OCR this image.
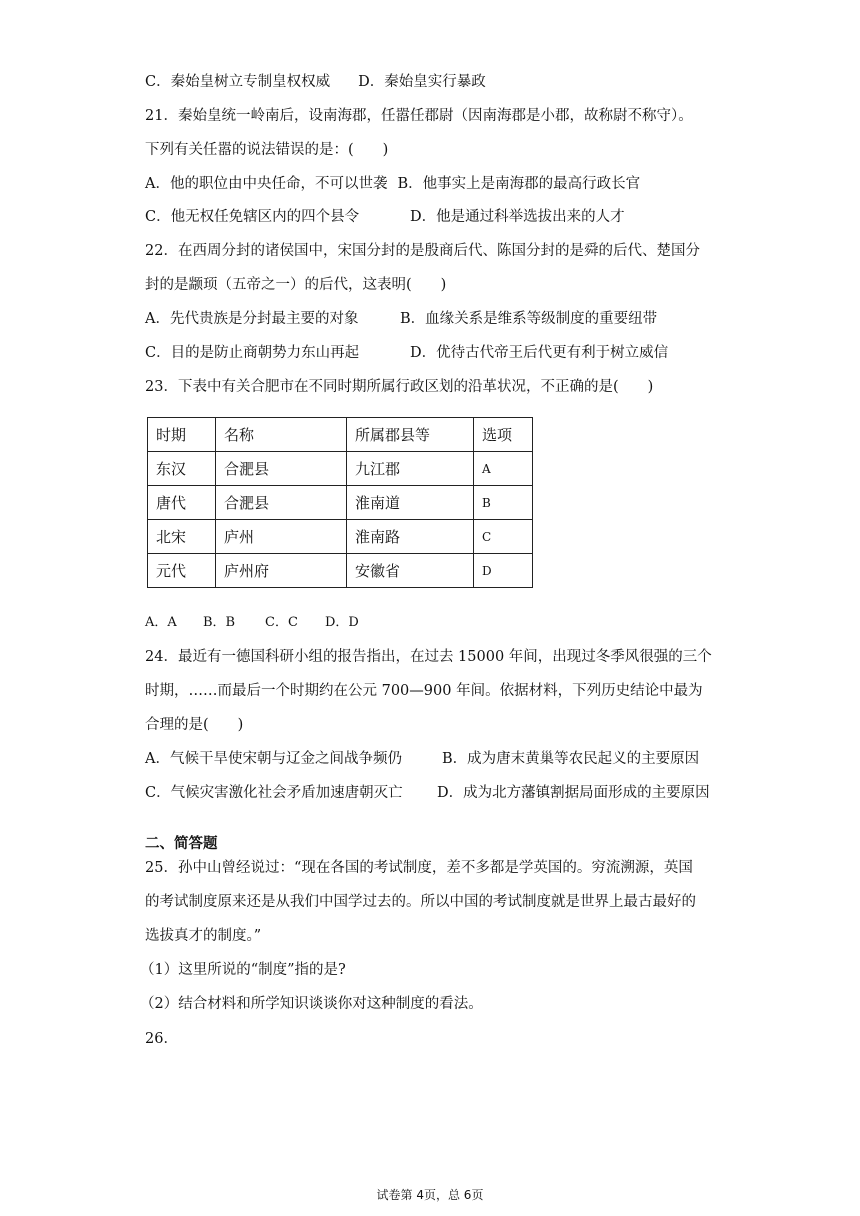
C．秦始皇树立专制皇权权威 D．秦始皇实行暴政
21．秦始皇统一岭南后，设南海郡，任嚣任郡尉（因南海郡是小郡，故称尉不称守）。
下列有关任嚣的说法错误的是：(　　)
A．他的职位由中央任命，不可以世袭 B．他事实上是南海郡的最高行政长官
C．他无权任免辖区内的四个县令	D．他是通过科举选拔出来的人才
22．在西周分封的诸侯国中，宋国分封的是殷商后代、陈国分封的是舜的后代、楚国分
封的是颛顼（五帝之一）的后代，这表明(　　)
A．先代贵族是分封最主要的对象	B．血缘关系是维系等级制度的重要纽带
C．目的是防止商朝势力东山再起	D．优待古代帝王后代更有利于树立威信
23．下表中有关合肥市在不同时期所属行政区划的沿革状况，不正确的是(　　)
时期	名称	所属郡县等	选项
东汉	合淝县	九江郡	A
唐代	合淝县	淮南道	B
北宋	庐州	淮南路	C
元代	庐州府	安徽省	D
A．A B．B C．C D．D
24．最近有一德国科研小组的报告指出，在过去 15000 年间，出现过冬季风很强的三个
时期，……而最后一个时期约在公元 700—900 年间。依据材料，下列历史结论中最为
合理的是(　　)
A．气候干旱使宋朝与辽金之间战争频仍	B．成为唐末黄巢等农民起义的主要原因
C．气候灾害激化社会矛盾加速唐朝灭亡 D．成为北方藩镇割据局面形成的主要原因
二、简答题
25．孙中山曾经说过：“现在各国的考试制度，差不多都是学英国的。穷流溯源，英国
的考试制度原来还是从我们中国学过去的。所以中国的考试制度就是世界上最古最好的
选拔真才的制度。”
（1）这里所说的“制度”指的是?
（2）结合材料和所学知识谈谈你对这种制度的看法。
26．
试卷第 4页，总 6页
